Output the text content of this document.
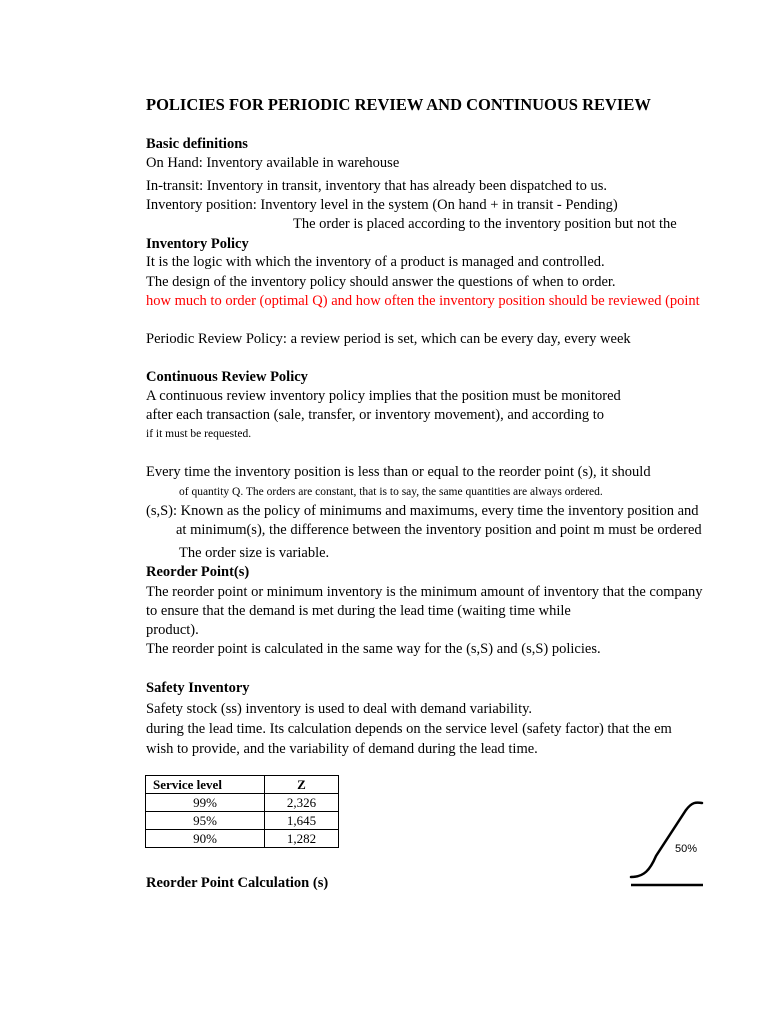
POLICIES FOR PERIODIC REVIEW AND CONTINUOUS REVIEW
Basic definitions
On Hand: Inventory available in warehouse
In-transit: Inventory in transit, inventory that has already been dispatched to us.
Inventory position: Inventory level in the system (On hand + in transit - Pending)
The order is placed according to the inventory position but not the
Inventory Policy
It is the logic with which the inventory of a product is managed and controlled.
The design of the inventory policy should answer the questions of when to order.
how much to order (optimal Q) and how often the inventory position should be reviewed (point
Periodic Review Policy: a review period is set, which can be every day, every week
Continuous Review Policy
A continuous review inventory policy implies that the position must be monitored
after each transaction (sale, transfer, or inventory movement), and according to
if it must be requested.
Every time the inventory position is less than or equal to the reorder point (s), it should
of quantity Q. The orders are constant, that is to say, the same quantities are always ordered.
(s,S): Known as the policy of minimums and maximums, every time the inventory position and
at minimum(s), the difference between the inventory position and point m must be ordered
The order size is variable.
Reorder Point(s)
The reorder point or minimum inventory is the minimum amount of inventory that the company
to ensure that the demand is met during the lead time (waiting time while
product).
The reorder point is calculated in the same way for the (s,S) and (s,S) policies.
Safety Inventory
Safety stock (ss) inventory is used to deal with demand variability.
during the lead time. Its calculation depends on the service level (safety factor) that the em
wish to provide, and the variability of demand during the lead time.
Service level	Z
99%	2,326
95%	1,645
90%	1,282
50%
Reorder Point Calculation (s)
